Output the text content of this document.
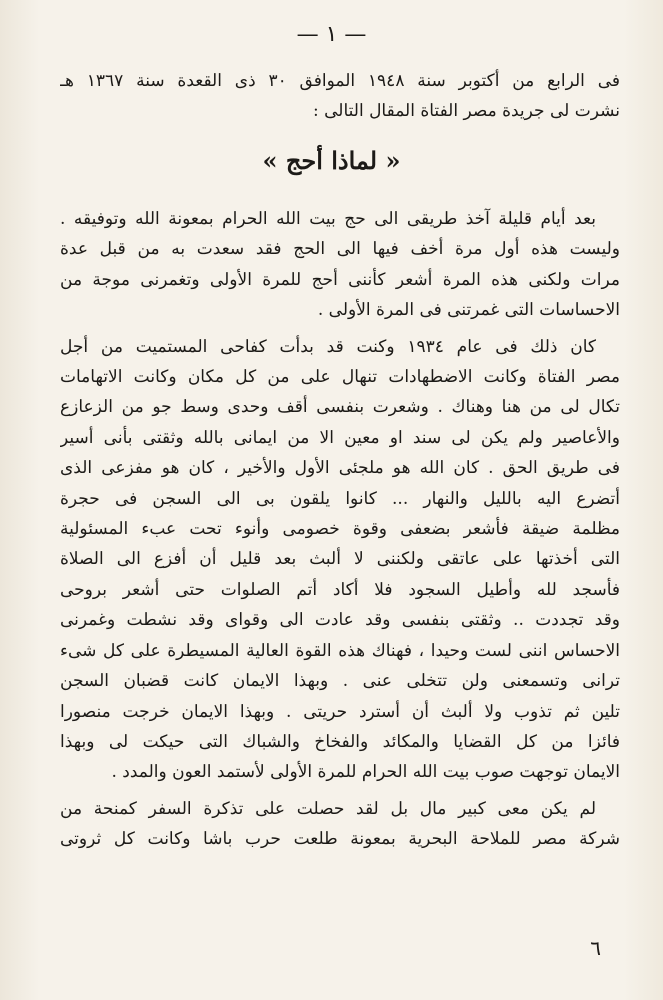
— ١ —
فى الرابع من أكتوبر سنة ١٩٤٨ الموافق ٣٠ ذى القعدة سنة ١٣٦٧ هـ
نشرت لى جريدة مصر الفتاة المقال التالى :
« لماذا أحج »

بعد أيام قليلة آخذ طريقى الى حج بيت الله الحرام بمعونة الله وتوفيقه .
وليست هذه أول مرة أخف فيها الى الحج فقد سعدت به من قبل عدة
مرات ولكنى هذه المرة أشعر كأننى أحج للمرة الأولى وتغمرنى موجة من
الاحساسات التى غمرتنى فى المرة الأولى .

كان ذلك فى عام ١٩٣٤ وكنت قد بدأت كفاحى المستميت من أجل
مصر الفتاة وكانت الاضطهادات تنهال على من كل مكان وكانت الاتهامات
تكال لى من هنا وهناك . وشعرت بنفسى أقف وحدى وسط جو من الزعازع
والأعاصير ولم يكن لى سند او معين الا من ايمانى بالله وثقتى بأنى أسير
فى طريق الحق . كان الله هو ملجئى الأول والأخير ، كان هو مفزعى الذى
أتضرع اليه بالليل والنهار ... كانوا يلقون بى الى السجن فى حجرة
مظلمة ضيقة فأشعر بضعفى وقوة خصومى وأنوء تحت عبء المسئولية
التى أخذتها على عاتقى ولكننى لا ألبث بعد قليل أن أفزع الى الصلاة
فأسجد لله وأطيل السجود فلا أكاد أتم الصلوات حتى أشعر بروحى
وقد تجددت .. وثقتى بنفسى وقد عادت الى وقواى وقد نشطت وغمرنى
الاحساس اننى لست وحيدا ، فهناك هذه القوة العالية المسيطرة على كل شىء
ترانى وتسمعنى ولن تتخلى عنى . وبهذا الايمان كانت قضبان السجن
تلين ثم تذوب ولا ألبث أن أسترد حريتى . وبهذا الايمان خرجت منصورا
فائزا من كل القضايا والمكائد والفخاخ والشباك التى حيكت لى وبهذا
الايمان توجهت صوب بيت الله الحرام للمرة الأولى لأستمد العون والمدد .

لم يكن معى كبير مال بل لقد حصلت على تذكرة السفر كمنحة من
شركة مصر للملاحة البحرية بمعونة طلعت حرب باشا وكانت كل ثروتى

٦
